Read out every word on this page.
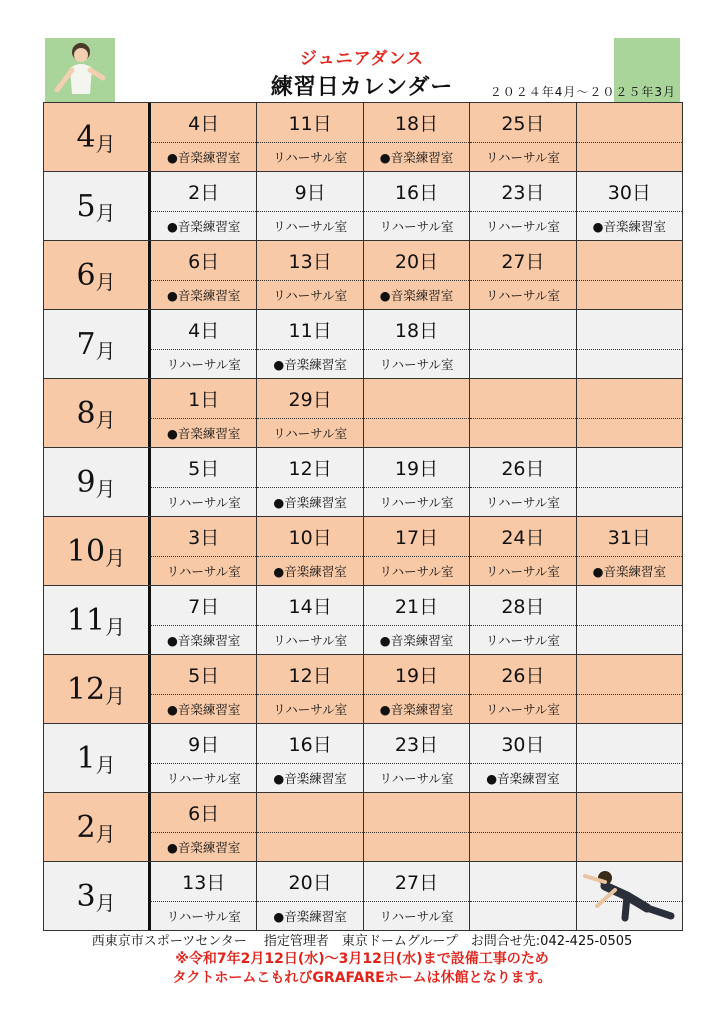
ジュニアダンス
練習日カレンダー	２０２４年4月～２０２５年3月
4 月
4日
●音楽練習室
11日
リハーサル室
18日
●音楽練習室
25日
リハーサル室
5 月
2日
●音楽練習室
9日
リハーサル室
16日
リハーサル室
23日
リハーサル室
30日
●音楽練習室
6 月
6日
●音楽練習室
13日
リハーサル室
20日
●音楽練習室
27日
リハーサル室
7 月
4日
リハーサル室
11日
●音楽練習室
18日
リハーサル室
8 月
1日
●音楽練習室
29日
リハーサル室
9 月
5日
リハーサル室
12日
●音楽練習室
19日
リハーサル室
26日
リハーサル室
10 月
3日
リハーサル室
10日
●音楽練習室
17日
リハーサル室
24日
リハーサル室
31日
●音楽練習室
11 月
7日
●音楽練習室
14日
リハーサル室
21日
●音楽練習室
28日
リハーサル室
12 月
5日
●音楽練習室
12日
リハーサル室
19日
●音楽練習室
26日
リハーサル室
1 月
9日
リハーサル室
16日
●音楽練習室
23日
リハーサル室
30日
●音楽練習室
2 月
6日
●音楽練習室
3 月
13日
リハーサル室
20日
●音楽練習室
27日
リハーサル室
西東京市スポーツセンター　 指定管理者　東京ドームグループ　お問合せ先:042-425-0505
※令和7年2月12日(水)～3月12日(水)まで設備工事のため
タクトホームこもれびGRAFAREホームは休館となります。
